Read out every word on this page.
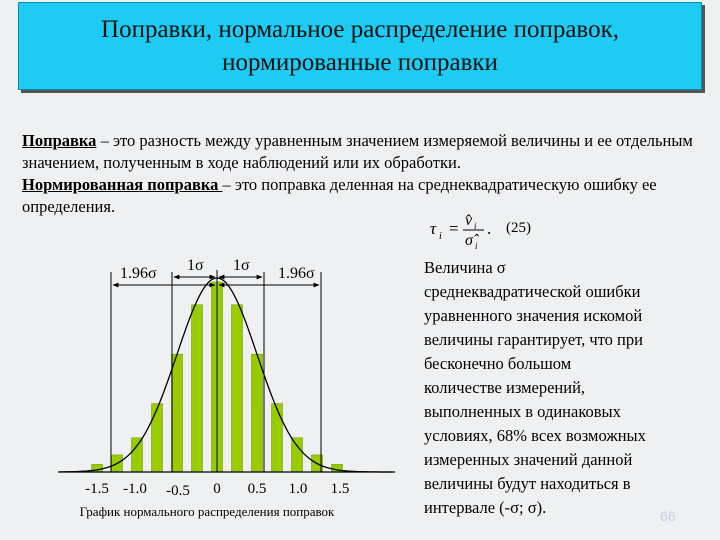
Поправки, нормальное распределение поправок,
нормированные поправки

Поправка – это разность между уравненным значением измеряемой величины и ее отдельным значением, полученным в ходе наблюдений или их обработки.

Нормированная поправка – это поправка деленная на среднеквадратическую ошибку ее определения.

τ i = v̂ i
σ̂ i
. (25)
1.96σ 1σ 1σ 1.96σ
-1.5 -1.0 -0.5 0 0.5 1.0 1.5
График нормального распределения поправок
Величина σ
среднеквадратической ошибки
уравненного значения искомой
величины гарантирует, что при
бесконечно большом
количестве измерений,
выполненных в одинаковых
условиях, 68% всех возможных
измеренных значений данной
величины будут находиться в
интервале (-σ; σ).	66
